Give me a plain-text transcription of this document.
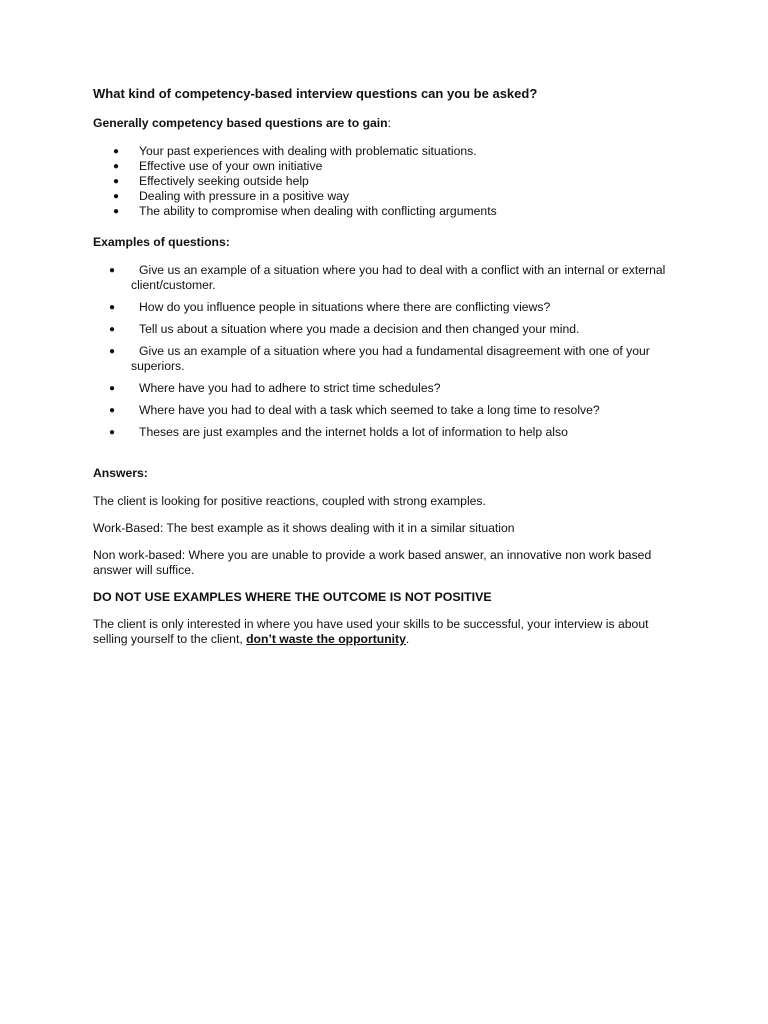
What kind of competency-based interview questions can you be asked?
Generally competency based questions are to gain:
● Your past experiences with dealing with problematic situations.
● Effective use of your own initiative
● Effectively seeking outside help
● Dealing with pressure in a positive way
● The ability to compromise when dealing with conflicting arguments
Examples of questions:
● Give us an example of a situation where you had to deal with a conflict with an internal or external client/customer.
● How do you influence people in situations where there are conflicting views?
● Tell us about a situation where you made a decision and then changed your mind.
● Give us an example of a situation where you had a fundamental disagreement with one of your superiors.
● Where have you had to adhere to strict time schedules?
● Where have you had to deal with a task which seemed to take a long time to resolve?
● Theses are just examples and the internet holds a lot of information to help also
Answers:
The client is looking for positive reactions, coupled with strong examples.
Work-Based: The best example as it shows dealing with it in a similar situation
Non work-based: Where you are unable to provide a work based answer, an innovative non work based answer will suffice.
DO NOT USE EXAMPLES WHERE THE OUTCOME IS NOT POSITIVE
The client is only interested in where you have used your skills to be successful, your interview is about selling yourself to the client, don’t waste the opportunity.
